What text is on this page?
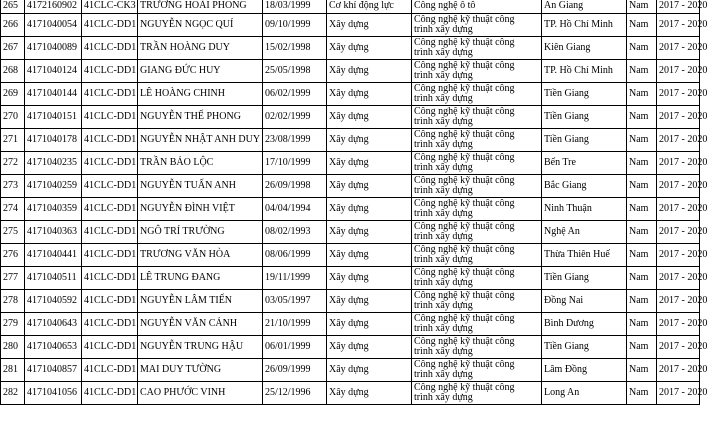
265	4172160902	41CLC-CK3	TRƯƠNG HOÀI PHONG	18/03/1999	Cơ khí động lực	Công nghệ ô tô	An Giang	Nam	2017 - 2020
266	4171040054	41CLC-DD1	NGUYỄN NGỌC QUÍ	09/10/1999	Xây dựng	Công nghệ kỹ thuật công
trình xây dựng	TP. Hồ Chí Minh	Nam	2017 - 2020
267	4171040089	41CLC-DD1	TRẦN HOÀNG DUY	15/02/1998	Xây dựng	Công nghệ kỹ thuật công
trình xây dựng	Kiên Giang	Nam	2017 - 2020
268	4171040124	41CLC-DD1	GIANG ĐỨC HUY	25/05/1998	Xây dựng	Công nghệ kỹ thuật công
trình xây dựng	TP. Hồ Chí Minh	Nam	2017 - 2020
269	4171040144	41CLC-DD1	LÊ HOÀNG CHINH	06/02/1999	Xây dựng	Công nghệ kỹ thuật công
trình xây dựng	Tiền Giang	Nam	2017 - 2020
270	4171040151	41CLC-DD1	NGUYỄN THẾ PHONG	02/02/1999	Xây dựng	Công nghệ kỹ thuật công
trình xây dựng	Tiền Giang	Nam	2017 - 2020
271	4171040178	41CLC-DD1	NGUYỄN NHẬT ANH DUY	23/08/1999	Xây dựng	Công nghệ kỹ thuật công
trình xây dựng	Tiền Giang	Nam	2017 - 2020
272	4171040235	41CLC-DD1	TRẦN BẢO LỘC	17/10/1999	Xây dựng	Công nghệ kỹ thuật công
trình xây dựng	Bến Tre	Nam	2017 - 2020
273	4171040259	41CLC-DD1	NGUYỄN TUẤN ANH	26/09/1998	Xây dựng	Công nghệ kỹ thuật công
trình xây dựng	Bắc Giang	Nam	2017 - 2020
274	4171040359	41CLC-DD1	NGUYỄN ĐÌNH VIỆT	04/04/1994	Xây dựng	Công nghệ kỹ thuật công
trình xây dựng	Ninh Thuận	Nam	2017 - 2020
275	4171040363	41CLC-DD1	NGÔ TRÍ TRƯỜNG	08/02/1993	Xây dựng	Công nghệ kỹ thuật công
trình xây dựng	Nghệ An	Nam	2017 - 2020
276	4171040441	41CLC-DD1	TRƯƠNG VĂN HÒA	08/06/1999	Xây dựng	Công nghệ kỹ thuật công
trình xây dựng	Thừa Thiên Huế	Nam	2017 - 2020
277	4171040511	41CLC-DD1	LÊ TRUNG ĐANG	19/11/1999	Xây dựng	Công nghệ kỹ thuật công
trình xây dựng	Tiền Giang	Nam	2017 - 2020
278	4171040592	41CLC-DD1	NGUYỄN LÂM TIẾN	03/05/1997	Xây dựng	Công nghệ kỹ thuật công
trình xây dựng	Đồng Nai	Nam	2017 - 2020
279	4171040643	41CLC-DD1	NGUYỄN VĂN CẢNH	21/10/1999	Xây dựng	Công nghệ kỹ thuật công
trình xây dựng	Bình Dương	Nam	2017 - 2020
280	4171040653	41CLC-DD1	NGUYỄN TRUNG HẬU	06/01/1999	Xây dựng	Công nghệ kỹ thuật công
trình xây dựng	Tiền Giang	Nam	2017 - 2020
281	4171040857	41CLC-DD1	MAI DUY TƯỜNG	26/09/1999	Xây dựng	Công nghệ kỹ thuật công
trình xây dựng	Lâm Đồng	Nam	2017 - 2020
282	4171041056	41CLC-DD1	CAO PHƯỚC VINH	25/12/1996	Xây dựng	Công nghệ kỹ thuật công
trình xây dựng	Long An	Nam	2017 - 2020
